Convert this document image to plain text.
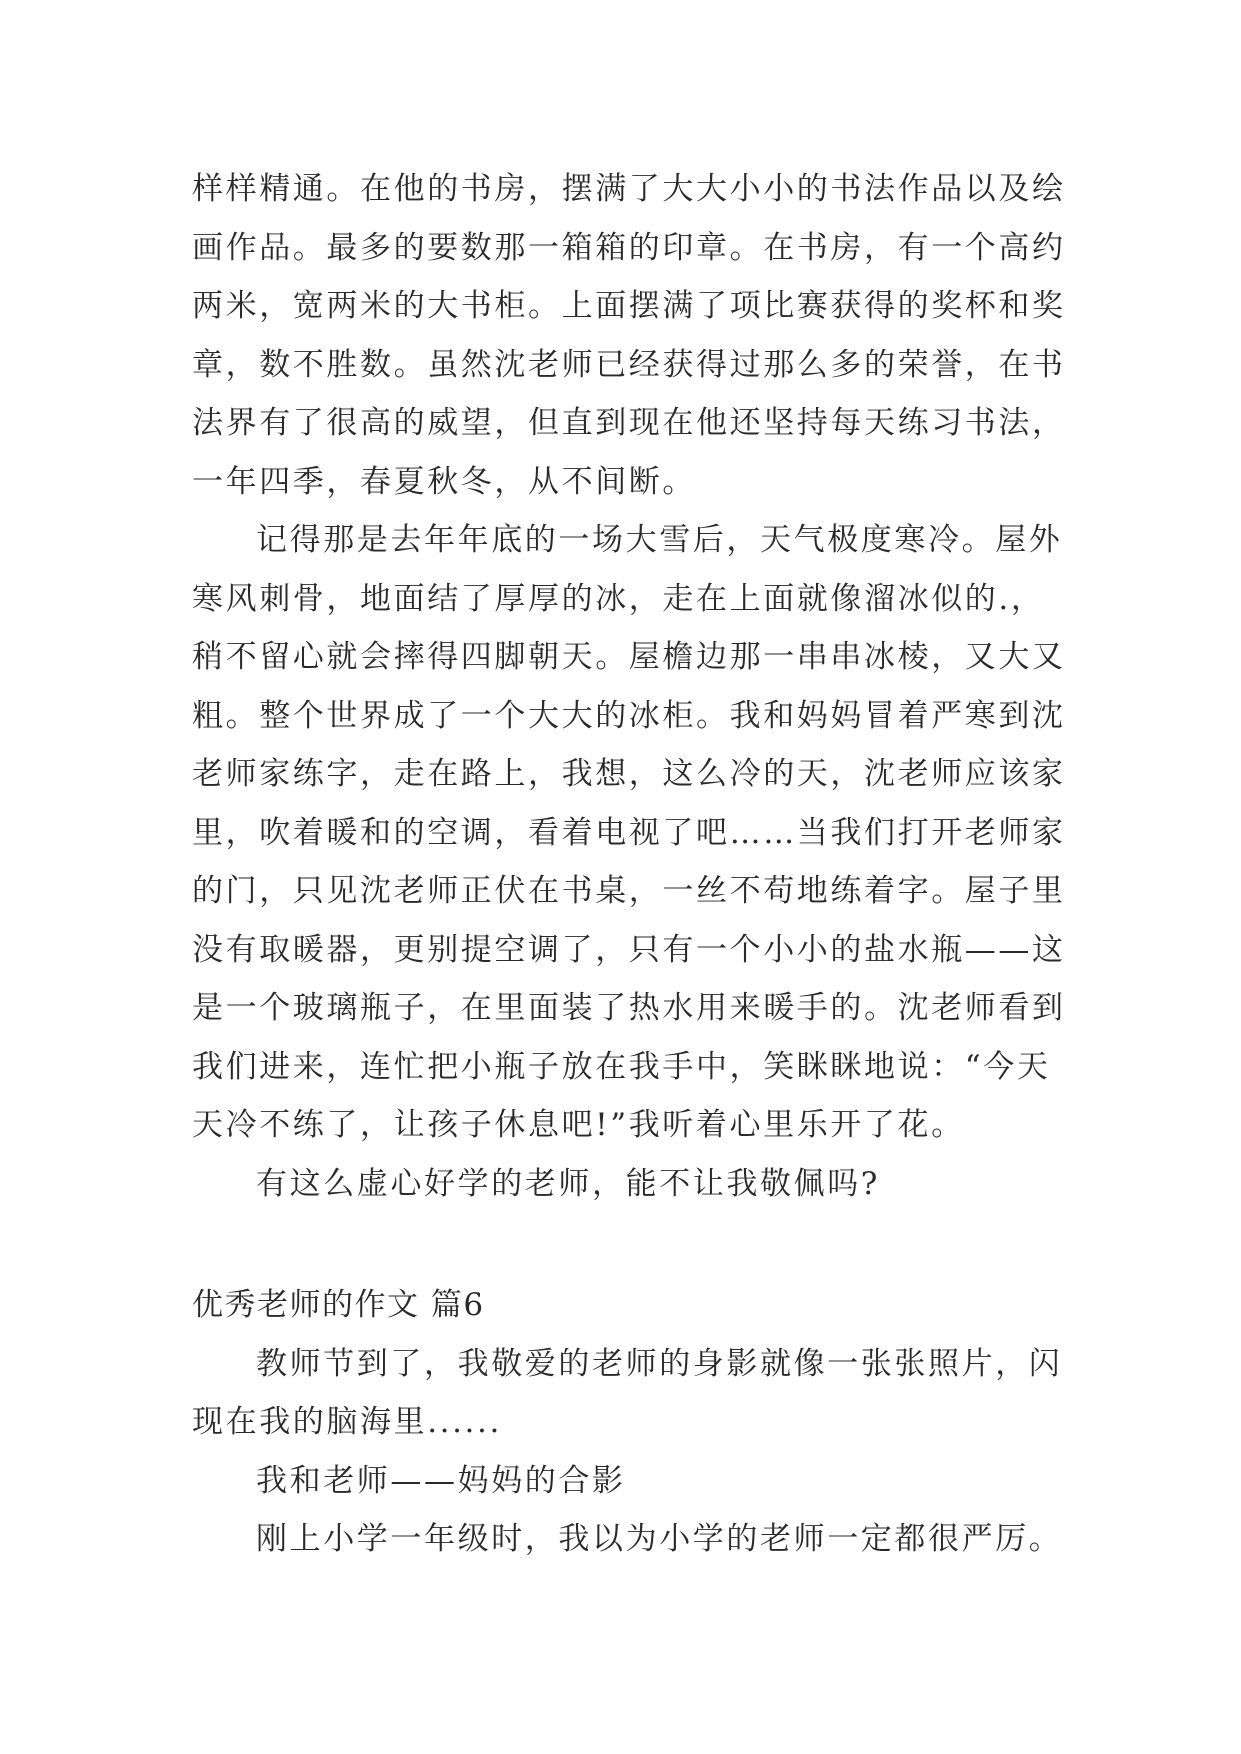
样样精通。在他的书房，摆满了大大小小的书法作品以及绘
画作品。最多的要数那一箱箱的印章。在书房，有一个高约
两米，宽两米的大书柜。上面摆满了项比赛获得的奖杯和奖
章，数不胜数。虽然沈老师已经获得过那么多的荣誉，在书
法界有了很高的威望，但直到现在他还坚持每天练习书法，
一年四季，春夏秋冬，从不间断。
记得那是去年年底的一场大雪后，天气极度寒冷。屋外
寒风刺骨，地面结了厚厚的冰，走在上面就像溜冰似的.，
稍不留心就会摔得四脚朝天。屋檐边那一串串冰棱，又大又
粗。整个世界成了一个大大的冰柜。我和妈妈冒着严寒到沈
老师家练字，走在路上，我想，这么冷的天，沈老师应该家
里，吹着暖和的空调，看着电视了吧……当我们打开老师家
的门，只见沈老师正伏在书桌，一丝不苟地练着字。屋子里
没有取暖器，更别提空调了，只有一个小小的盐水瓶——这
是一个玻璃瓶子，在里面装了热水用来暖手的。沈老师看到
我们进来，连忙把小瓶子放在我手中，笑眯眯地说：“今天
天冷不练了，让孩子休息吧!”我听着心里乐开了花。
有这么虚心好学的老师，能不让我敬佩吗?
优秀老师的作文 篇6
教师节到了，我敬爱的老师的身影就像一张张照片，闪
现在我的脑海里......
我和老师——妈妈的合影
刚上小学一年级时，我以为小学的老师一定都很严厉。
